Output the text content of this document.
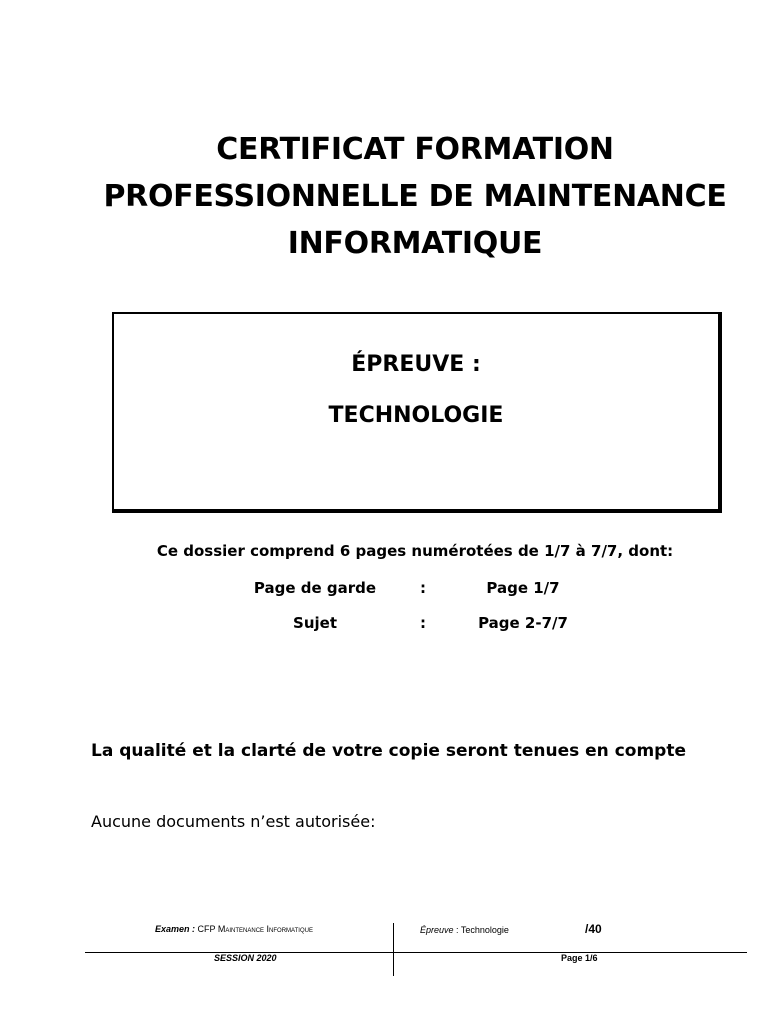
CERTIFICAT FORMATION
PROFESSIONNELLE DE MAINTENANCE
INFORMATIQUE
ÉPREUVE :
TECHNOLOGIE
Ce dossier comprend 6 pages numérotées de 1/7 à 7/7, dont:
Page de garde	:	Page 1/7
Sujet	:	Page 2-7/7
La qualité et la clarté de votre copie seront tenues en compte
Aucune documents n’est autorisée:
Examen : CFP Maintenance Informatique	Épreuve : Technologie	/40
SESSION 2020	Page 1/6
